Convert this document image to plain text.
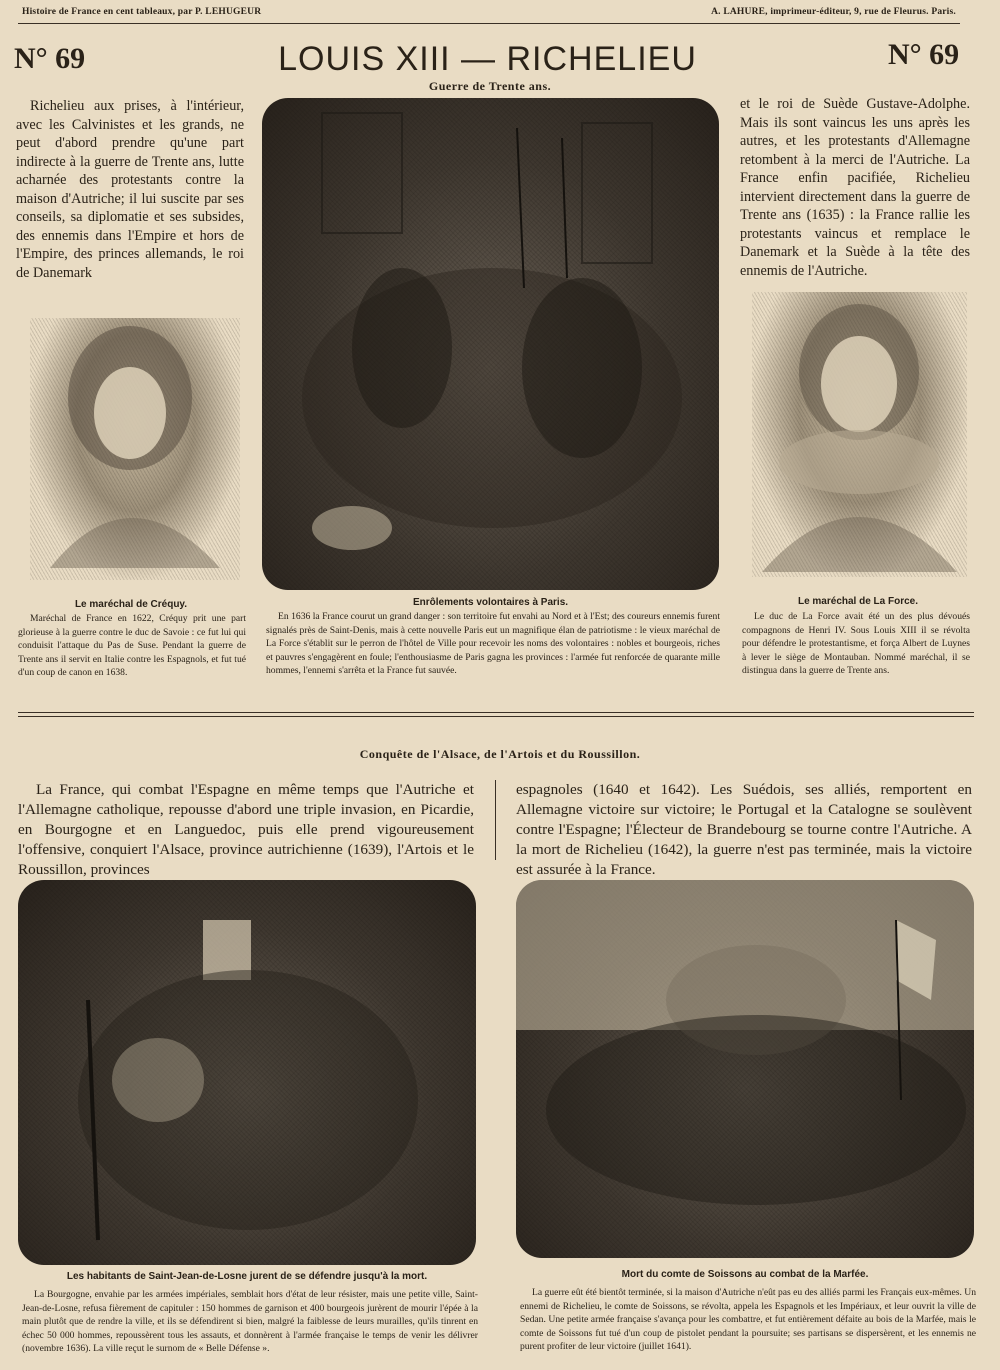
Histoire de France en cent tableaux, par P. LEHUGEUR	A. LAHURE, imprimeur-éditeur, 9, rue de Fleurus. Paris.
N° 69	N° 69
LOUIS XIII — RICHELIEU
Guerre de Trente ans.
Richelieu aux prises, à l'intérieur, avec les Calvinistes et les grands, ne peut d'abord prendre qu'une part indirecte à la guerre de Trente ans, lutte acharnée des protestants contre la maison d'Autriche; il lui suscite par ses conseils, sa diplomatie et ses subsides, des ennemis dans l'Empire et hors de l'Empire, des princes allemands, le roi de Danemark
et le roi de Suède Gustave-Adolphe. Mais ils sont vaincus les uns après les autres, et les protestants d'Allemagne retombent à la merci de l'Autriche. La France enfin pacifiée, Richelieu intervient directement dans la guerre de Trente ans (1635) : la France rallie les protestants vaincus et remplace le Danemark et la Suède à la tête des ennemis de l'Autriche.
Le maréchal de Créquy.
Maréchal de France en 1622, Créquy prit une part glorieuse à la guerre contre le duc de Savoie : ce fut lui qui conduisit l'attaque du Pas de Suse. Pendant la guerre de Trente ans il servit en Italie contre les Espagnols, et fut tué d'un coup de canon en 1638.
Enrôlements volontaires à Paris.
En 1636 la France courut un grand danger : son territoire fut envahi au Nord et à l'Est; des coureurs ennemis furent signalés près de Saint-Denis, mais à cette nouvelle Paris eut un magnifique élan de patriotisme : le vieux maréchal de La Force s'établit sur le perron de l'hôtel de Ville pour recevoir les noms des volontaires : nobles et bourgeois, riches et pauvres s'engagèrent en foule; l'enthousiasme de Paris gagna les provinces : l'armée fut renforcée de quarante mille hommes, l'ennemi s'arrêta et la France fut sauvée.
Le maréchal de La Force.
Le duc de La Force avait été un des plus dévoués compagnons de Henri IV. Sous Louis XIII il se révolta pour défendre le protestantisme, et força Albert de Luynes à lever le siège de Montauban. Nommé maréchal, il se distingua dans la guerre de Trente ans.
Conquête de l'Alsace, de l'Artois et du Roussillon.
La France, qui combat l'Espagne en même temps que l'Autriche et l'Allemagne catholique, repousse d'abord une triple invasion, en Picardie, en Bourgogne et en Languedoc, puis elle prend vigoureusement l'offensive, conquiert l'Alsace, province autrichienne (1639), l'Artois et le Roussillon, provinces
espagnoles (1640 et 1642). Les Suédois, ses alliés, remportent en Allemagne victoire sur victoire; le Portugal et la Catalogne se soulèvent contre l'Espagne; l'Électeur de Brandebourg se tourne contre l'Autriche. A la mort de Richelieu (1642), la guerre n'est pas terminée, mais la victoire est assurée à la France.
Les habitants de Saint-Jean-de-Losne jurent de se défendre jusqu'à la mort.
La Bourgogne, envahie par les armées impériales, semblait hors d'état de leur résister, mais une petite ville, Saint-Jean-de-Losne, refusa fièrement de capituler : 150 hommes de garnison et 400 bourgeois jurèrent de mourir l'épée à la main plutôt que de rendre la ville, et ils se défendirent si bien, malgré la faiblesse de leurs murailles, qu'ils tinrent en échec 50 000 hommes, repoussèrent tous les assauts, et donnèrent à l'armée française le temps de venir les délivrer (novembre 1636). La ville reçut le surnom de « Belle Défense ».
Mort du comte de Soissons au combat de la Marfée.
La guerre eût été bientôt terminée, si la maison d'Autriche n'eût pas eu des alliés parmi les Français eux-mêmes. Un ennemi de Richelieu, le comte de Soissons, se révolta, appela les Espagnols et les Impériaux, et leur ouvrit la ville de Sedan. Une petite armée française s'avança pour les combattre, et fut entièrement défaite au bois de la Marfée, mais le comte de Soissons fut tué d'un coup de pistolet pendant la poursuite; ses partisans se dispersèrent, et les ennemis ne purent profiter de leur victoire (juillet 1641).
